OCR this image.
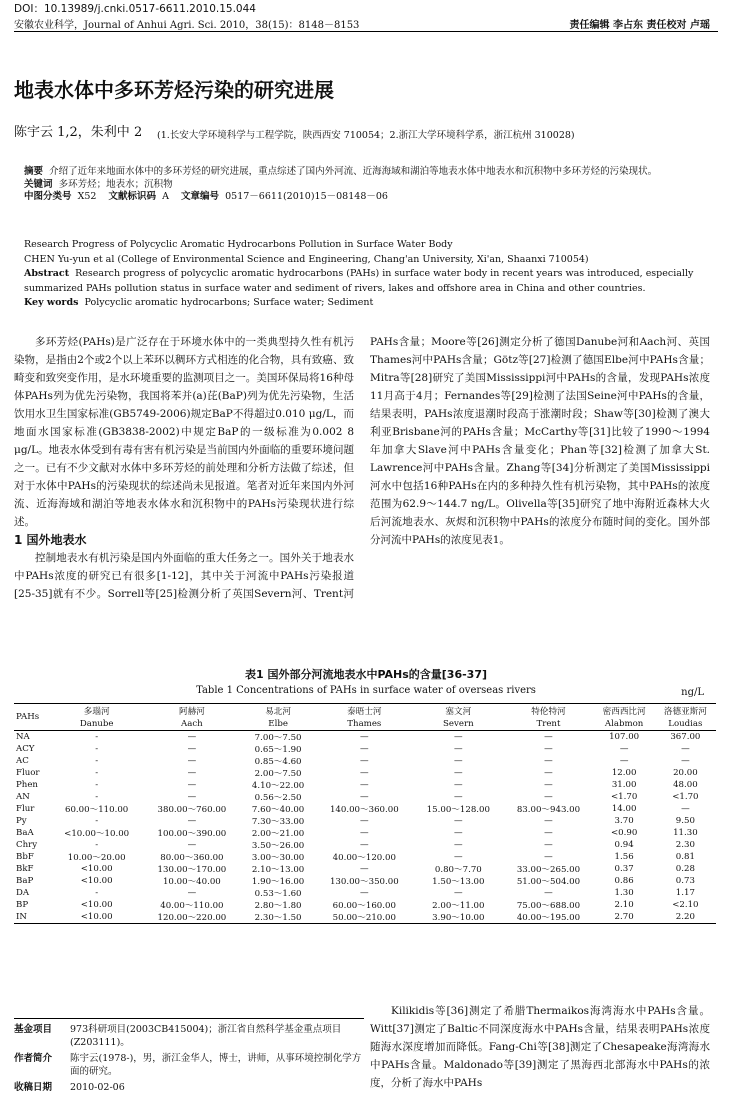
DOI：10.13989/j.cnki.0517-6611.2010.15.044
安徽农业科学，Journal of Anhui Agri. Sci. 2010，38(15)：8148－8153	责任编辑 李占东 责任校对 卢瑶
地表水体中多环芳烃污染的研究进展
陈宇云 1,2，朱利中 2 (1.长安大学环境科学与工程学院，陕西西安 710054；2.浙江大学环境科学系，浙江杭州 310028)
摘要 介绍了近年来地面水体中的多环芳烃的研究进展，重点综述了国内外河流、近海海域和湖泊等地表水体中地表水和沉积物中多环芳烃的污染现状。
关键词 多环芳烃；地表水；沉积物
中图分类号 X52 文献标识码 A 文章编号 0517－6611(2010)15－08148－06
Research Progress of Polycyclic Aromatic Hydrocarbons Pollution in Surface Water Body
CHEN Yu-yun et al (College of Environmental Science and Engineering, Chang'an University, Xi'an, Shaanxi 710054)
Abstract Research progress of polycyclic aromatic hydrocarbons (PAHs) in surface water body in recent years was introduced, especially summarized PAHs pollution status in surface water and sediment of rivers, lakes and offshore area in China and other countries.
Key words Polycyclic aromatic hydrocarbons; Surface water; Sediment
多环芳烃(PAHs)是广泛存在于环境水体中的一类典型持久性有机污染物，是指由2个或2个以上苯环以稠环方式相连的化合物，具有致癌、致畸变和致突变作用，是水环境重要的监测项目之一。美国环保局将16种母体PAHs列为优先污染物，我国将苯并(a)芘(BaP)列为优先污染物，生活饮用水卫生国家标准(GB5749-2006)规定BaP不得超过0.010 μg/L，而地面水国家标准(GB3838-2002)中规定BaP的一级标准为0.002 8 μg/L。地表水体受到有毒有害有机污染是当前国内外面临的重要环境问题之一。已有不少文献对水体中多环芳烃的前处理和分析方法做了综述，但对于水体中PAHs的污染现状的综述尚未见报道。笔者对近年来国内外河流、近海海域和湖泊等地表水体水和沉积物中的PAHs污染现状进行综述。
1 国外地表水
控制地表水有机污染是国内外面临的重大任务之一。国外关于地表水中PAHs浓度的研究已有很多[1-12]，其中关于河流中PAHs污染报道[25-35]就有不少。Sorrell等[25]检测分析了英国Severn河、Trent河
PAHs含量；Moore等[26]测定分析了德国Danube河和Aach河、英国Thames河中PAHs含量；Götz等[27]检测了德国Elbe河中PAHs含量；Mitra等[28]研究了美国Mississippi河中PAHs的含量，发现PAHs浓度11月高于4月；Fernandes等[29]检测了法国Seine河中PAHs的含量，结果表明，PAHs浓度退潮时段高于涨潮时段；Shaw等[30]检测了澳大利亚Brisbane河的PAHs含量；McCarthy等[31]比较了1990～1994年加拿大Slave河中PAHs含量变化；Phan等[32]检测了加拿大St. Lawrence河中PAHs含量。Zhang等[34]分析测定了美国Mississippi河水中包括16种PAHs在内的多种持久性有机污染物，其中PAHs的浓度范围为62.9～144.7 ng/L。Olivella等[35]研究了地中海附近森林大火后河流地表水、灰烬和沉积物中PAHs的浓度分布随时间的变化。国外部分河流中PAHs的浓度见表1。
表1 国外部分河流地表水中PAHs的含量[36-37]
Table 1 Concentrations of PAHs in surface water of overseas rivers	ng/L
PAHs	多瑙河	阿赫河	易北河	泰晤士河	塞文河	特伦特河	密西西比河	洛德亚斯河
	Danube	Aach	Elbe	Thames	Severn	Trent	Alabmon	Loudias
NA	-	—	7.00～7.50	—	—	—	107.00	367.00
ACY	-	—	0.65～1.90	—	—	—	—	—
AC	-	—	0.85～4.60	—	—	—	—	—
Fluor	-	—	2.00～7.50	—	—	—	12.00	20.00
Phen	-	—	4.10～22.00	—	—	—	31.00	48.00
AN	-	—	0.56～2.50	—	—	—	<1.70	<1.70
Flur	60.00～110.00	380.00～760.00	7.60～40.00	140.00～360.00	15.00～128.00	83.00～943.00	14.00	—
Py	-	—	7.30～33.00	—	—	—	3.70	9.50
BaA	<10.00～10.00	100.00～390.00	2.00～21.00	—	—	—	<0.90	11.30
Chry	-	—	3.50～26.00	—	—	—	0.94	2.30
BbF	10.00～20.00	80.00～360.00	3.00～30.00	40.00～120.00	—	—	1.56	0.81
BkF	<10.00	130.00～170.00	2.10～13.00	—	0.80～7.70	33.00～265.00	0.37	0.28
BaP	<10.00	10.00～40.00	1.90～16.00	130.00～350.00	1.50～13.00	51.00～504.00	0.86	0.73
DA	-	—	0.53～1.60	—	—	—	1.30	1.17
BP	<10.00	40.00～110.00	2.80～1.80	60.00～160.00	2.00～11.00	75.00～688.00	2.10	<2.10
IN	<10.00	120.00～220.00	2.30～1.50	50.00～210.00	3.90～10.00	40.00～195.00	2.70	2.20
基金项目	973科研项目(2003CB415004)；浙江省自然科学基金重点项目(Z203111)。
作者简介	陈宇云(1978-)，男，浙江金华人，博士，讲师，从事环境控制化学方面的研究。
收稿日期	2010-02-06
Kilikidis等[36]测定了希腊Thermaikos海湾海水中PAHs含量。Witt[37]测定了Baltic不同深度海水中PAHs含量，结果表明PAHs浓度随海水深度增加而降低。Fang-Chi等[38]测定了Chesapeake海湾海水中PAHs含量。Maldonado等[39]测定了黑海西北部海水中PAHs的浓度，分析了海水中PAHs
